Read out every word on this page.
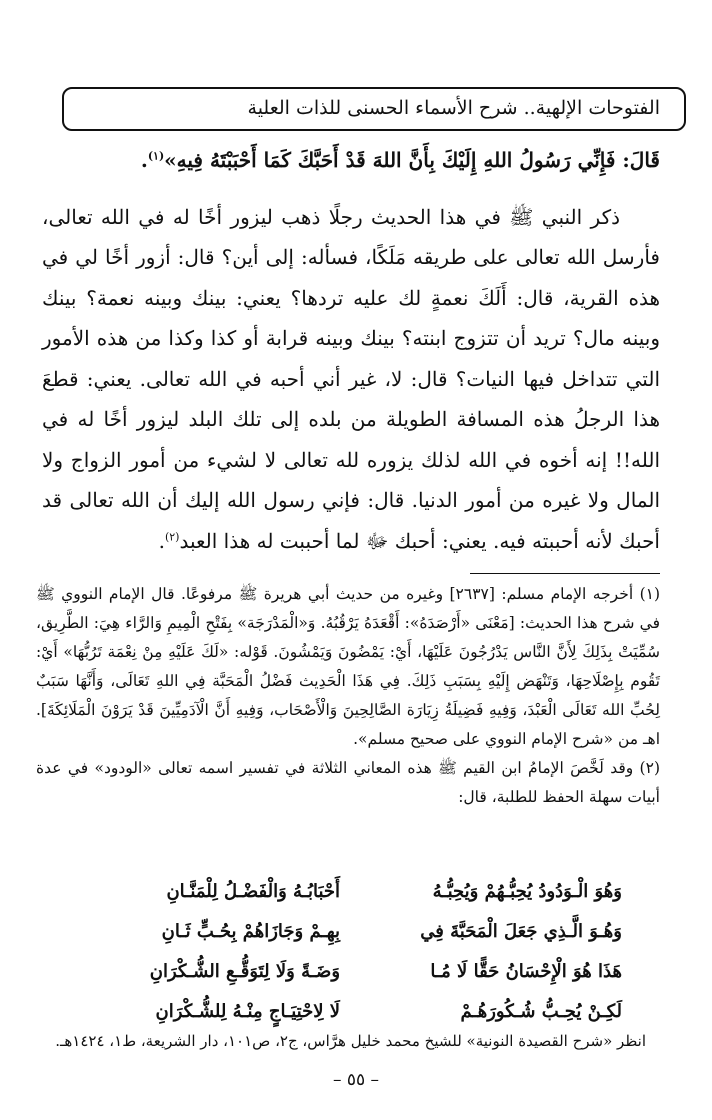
الفتوحات الإلهية.. شرح الأسماء الحسنى للذات العلية

قَالَ: فَإِنِّي رَسُولُ اللهِ إِلَيْكَ بِأَنَّ اللهَ قَدْ أَحَبَّكَ كَمَا أَحْبَبْتَهُ فِيهِ»$^{(١)}$.

ذكر النبي ﷺ في هذا الحديث رجلًا ذهب ليزور أخًا له في الله تعالى، فأرسل الله تعالى على طريقه مَلَكًا، فسأله: إلى أين؟ قال: أزور أخًا لي في هذه القرية، قال: أَلَكَ نعمةٍ لك عليه تردها؟ يعني: بينك وبينه نعمة؟ بينك وبينه مال؟ تريد أن تتزوج ابنته؟ بينك وبينه قرابة أو كذا وكذا من هذه الأمور التي تتداخل فيها النيات؟ قال: لا، غير أني أحبه في الله تعالى. يعني: قطعَ هذا الرجلُ هذه المسافة الطويلة من بلده إلى تلك البلد ليزور أخًا له في الله!! إنه أخوه في الله لذلك يزوره لله تعالى لا لشيء من أمور الزواج ولا المال ولا غيره من أمور الدنيا. قال: فإني رسول الله إليك أن الله تعالى قد أحبك لأنه أحببته فيه. يعني: أحبك ﷻ لما أحببت له هذا العبد$^{(٢)}$.

(١) أخرجه الإمام مسلم: [٢٦٣٧] وغيره من حديث أبي هريرة ﷺ مرفوعًا. قال الإمام النووي ﷺ في شرح هذا الحديث: [مَعْنَى «أَرْصَدَهُ»: أَقْعَدَهُ يَرْقُبُهُ. وَ«الْمَدْرَجَة» بِفَتْحِ الْمِيمِ وَالرَّاء هِيَ: الطَّرِيق، سُمِّيَتْ بِذَلِكَ لِأَنَّ النَّاس يَدْرُجُونَ عَلَيْهَا، أَيْ: يَمْضُونَ وَيَمْشُونَ. قَوْله: «لَكَ عَلَيْهِ مِنْ نِعْمَة تَرُبُّهَا» أَيْ: تَقُوم بِإِصْلَاحِهَا، وَتَنْهَض إِلَيْهِ بِسَبَبِ ذَلِكَ. فِي هَذَا الْحَدِيث فَضْلُ الْمَحَبَّة فِي اللهِ تَعَالَى، وَأَنَّهَا سَبَبٌ لِحُبِّ الله تَعَالَى الْعَبْدَ، وَفِيهِ فَضِيلَةُ زِيَارَة الصَّالِحِينَ وَالْأَصْحَاب، وَفِيهِ أَنَّ الْآدَمِيِّينَ قَدْ يَرَوْنَ الْمَلَائِكَةَ]. اهـ من «شرح الإمام النووي على صحيح مسلم».

(٢) وقد لَخَّصَ الإمامُ ابن القيم ﷺ هذه المعاني الثلاثة في تفسير اسمه تعالى «الودود» في عدة أبيات سهلة الحفظ للطلبة، قال:

وَهُوَ الْـوَدُودُ يُحِبُّـهُمْ وَيُحِبُّـهُ
أَحْبَابُـهُ وَالْفَضْـلُ لِلْمَنَّـانِ
وَهُـوَ الَّـذِي جَعَلَ الْمَحَبَّةَ فِي
بِهِـمْ وَجَازَاهُمْ بِحُـبٍّ ثَـانِ
هَذَا هُوَ الْإِحْسَانُ حَقًّا لَا مُـا
وَضَـةً وَلَا لِتَوَقُّـعِ الشُّـكْرَانِ
لَكِـنْ يُحِـبُّ شُـكُورَهُـمْ
لَا لِاحْتِيَـاجٍ مِنْـهُ لِلشُّـكْرَانِ
انظر «شرح القصيدة النونية» للشيخ محمد خليل هرَّاس، ج٢، ص١٠١، دار الشريعة، ط١، ١٤٢٤هـ.
– ٥٥ –
